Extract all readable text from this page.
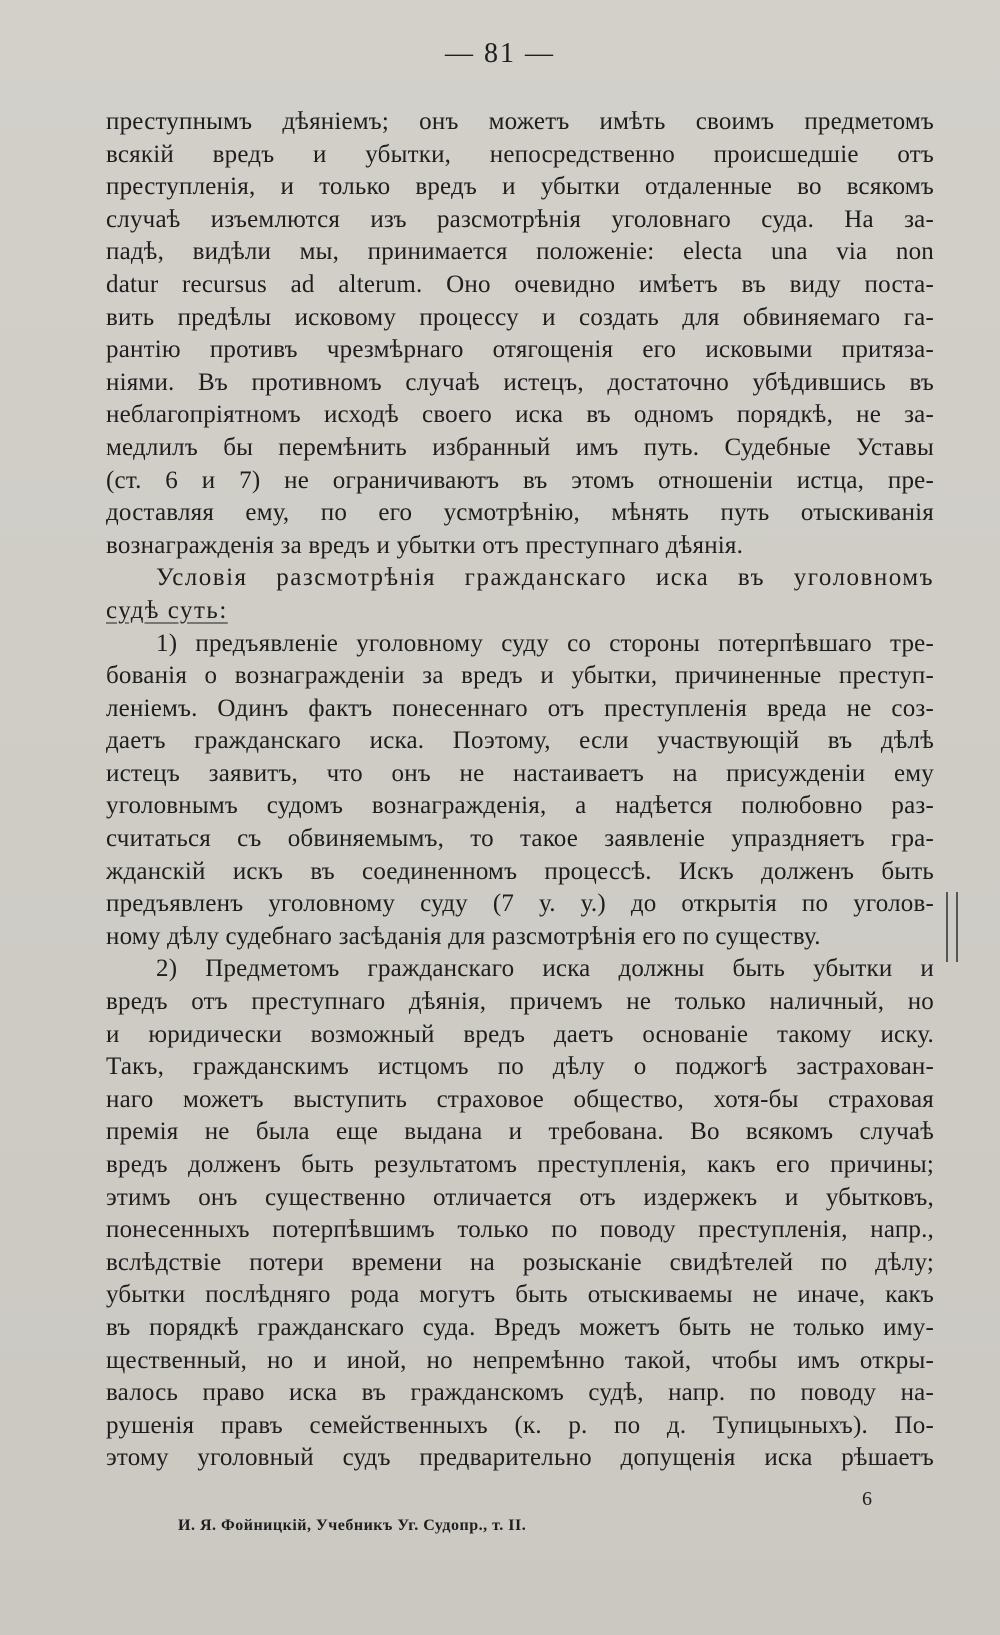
— 81 —
преступнымъ дѣяніемъ; онъ можетъ имѣть своимъ предметомъ
всякій вредъ и убытки, непосредственно происшедшіе отъ
преступленія, и только вредъ и убытки отдаленные во всякомъ
случаѣ изъемлются изъ разсмотрѣнія уголовнаго суда. На за-
падѣ, видѣли мы, принимается положеніе: electa una via non
datur recursus ad alterum. Оно очевидно имѣетъ въ виду поста-
вить предѣлы исковому процессу и создать для обвиняемаго га-
рантію противъ чрезмѣрнаго отягощенія его исковыми притяза-
ніями. Въ противномъ случаѣ истецъ, достаточно убѣдившись въ
неблагопріятномъ исходѣ своего иска въ одномъ порядкѣ, не за-
медлилъ бы перемѣнить избранный имъ путь. Судебные Уставы
(ст. 6 и 7) не ограничиваютъ въ этомъ отношеніи истца, пре-
доставляя ему, по его усмотрѣнію, мѣнять путь отыскиванія
вознагражденія за вредъ и убытки отъ преступнаго дѣянія.
Условія разсмотрѣнія гражданскаго иска въ уголовномъ
судѣ суть:
1) предъявленіе уголовному суду со стороны потерпѣвшаго тре-
бованія о вознагражденіи за вредъ и убытки, причиненные преступ-
леніемъ. Одинъ фактъ понесеннаго отъ преступленія вреда не соз-
даетъ гражданскаго иска. Поэтому, если участвующій въ дѣлѣ
истецъ заявитъ, что онъ не настаиваетъ на присужденіи ему
уголовнымъ судомъ вознагражденія, а надѣется полюбовно раз-
считаться съ обвиняемымъ, то такое заявленіе упраздняетъ гра-
жданскій искъ въ соединенномъ процессѣ. Искъ долженъ быть
предъявленъ уголовному суду (7 у. у.) до открытія по уголов-
ному дѣлу судебнаго засѣданія для разсмотрѣнія его по существу.
2) Предметомъ гражданскаго иска должны быть убытки и
вредъ отъ преступнаго дѣянія, причемъ не только наличный, но
и юридически возможный вредъ даетъ основаніе такому иску.
Такъ, гражданскимъ истцомъ по дѣлу о поджогѣ застрахован-
наго можетъ выступить страховое общество, хотя-бы страховая
премія не была еще выдана и требована. Во всякомъ случаѣ
вредъ долженъ быть результатомъ преступленія, какъ его причины;
этимъ онъ существенно отличается отъ издержекъ и убытковъ,
понесенныхъ потерпѣвшимъ только по поводу преступленія, напр.,
вслѣдствіе потери времени на розысканіе свидѣтелей по дѣлу;
убытки послѣдняго рода могутъ быть отыскиваемы не иначе, какъ
въ порядкѣ гражданскаго суда. Вредъ можетъ быть не только иму-
щественный, но и иной, но непремѣнно такой, чтобы имъ откры-
валось право иска въ гражданскомъ судѣ, напр. по поводу на-
рушенія правъ семейственныхъ (к. р. по д. Тупицыныхъ). По-
этому уголовный судъ предварительно допущенія иска рѣшаетъ
6
И. Я. Фойницкій, Учебникъ Уг. Судопр., т. II.
